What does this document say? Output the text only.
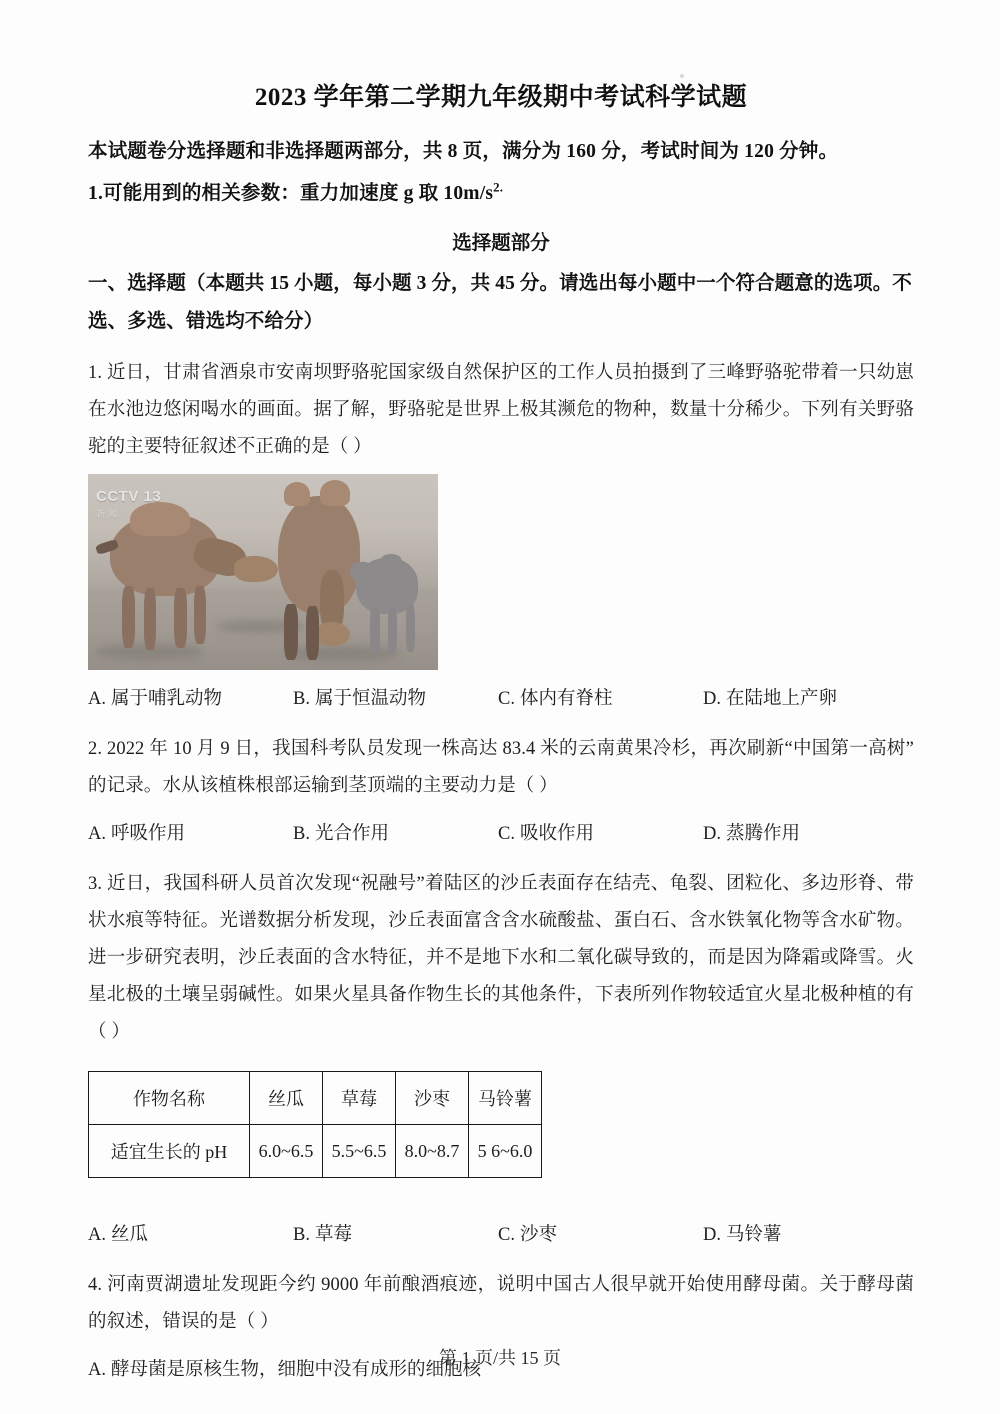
2023 学年第二学期九年级期中考试科学试题
本试题卷分选择题和非选择题两部分，共 8 页，满分为 160 分，考试时间为 120 分钟。
1.可能用到的相关参数：重力加速度 g 取 $10m/s^{2.}$
选择题部分
一、选择题（本题共 15 小题，每小题 3 分，共 45 分。请选出每小题中一个符合题意的选项。不选、多选、错选均不给分）
1. 近日，甘肃省酒泉市安南坝野骆驼国家级自然保护区的工作人员拍摄到了三峰野骆驼带着一只幼崽在水池边悠闲喝水的画面。据了解，野骆驼是世界上极其濒危的物种，数量十分稀少。下列有关野骆驼的主要特征叙述不正确的是（ ）
CCTV 13
新闻
A. 属于哺乳动物	B. 属于恒温动物	C. 体内有脊柱	D. 在陆地上产卵
2. 2022 年 10 月 9 日，我国科考队员发现一株高达 83.4 米的云南黄果冷杉，再次刷新“中国第一高树”的记录。水从该植株根部运输到茎顶端的主要动力是（ ）
A. 呼吸作用	B. 光合作用	C. 吸收作用	D. 蒸腾作用
3. 近日，我国科研人员首次发现“祝融号”着陆区的沙丘表面存在结壳、龟裂、团粒化、多边形脊、带状水痕等特征。光谱数据分析发现，沙丘表面富含含水硫酸盐、蛋白石、含水铁氧化物等含水矿物。进一步研究表明，沙丘表面的含水特征，并不是地下水和二氧化碳导致的，而是因为降霜或降雪。火星北极的土壤呈弱碱性。如果火星具备作物生长的其他条件，下表所列作物较适宜火星北极种植的有（ ）
作物名称	丝瓜	草莓	沙枣	马铃薯
适宜生长的 pH	6.0~6.5	5.5~6.5	8.0~8.7	5 6~6.0
A. 丝瓜	B. 草莓	C. 沙枣	D. 马铃薯
4. 河南贾湖遗址发现距今约 9000 年前酿酒痕迹，说明中国古人很早就开始使用酵母菌。关于酵母菌的叙述，错误的是（ ）
A. 酵母菌是原核生物，细胞中没有成形的细胞核
第 1 页/共 15 页
